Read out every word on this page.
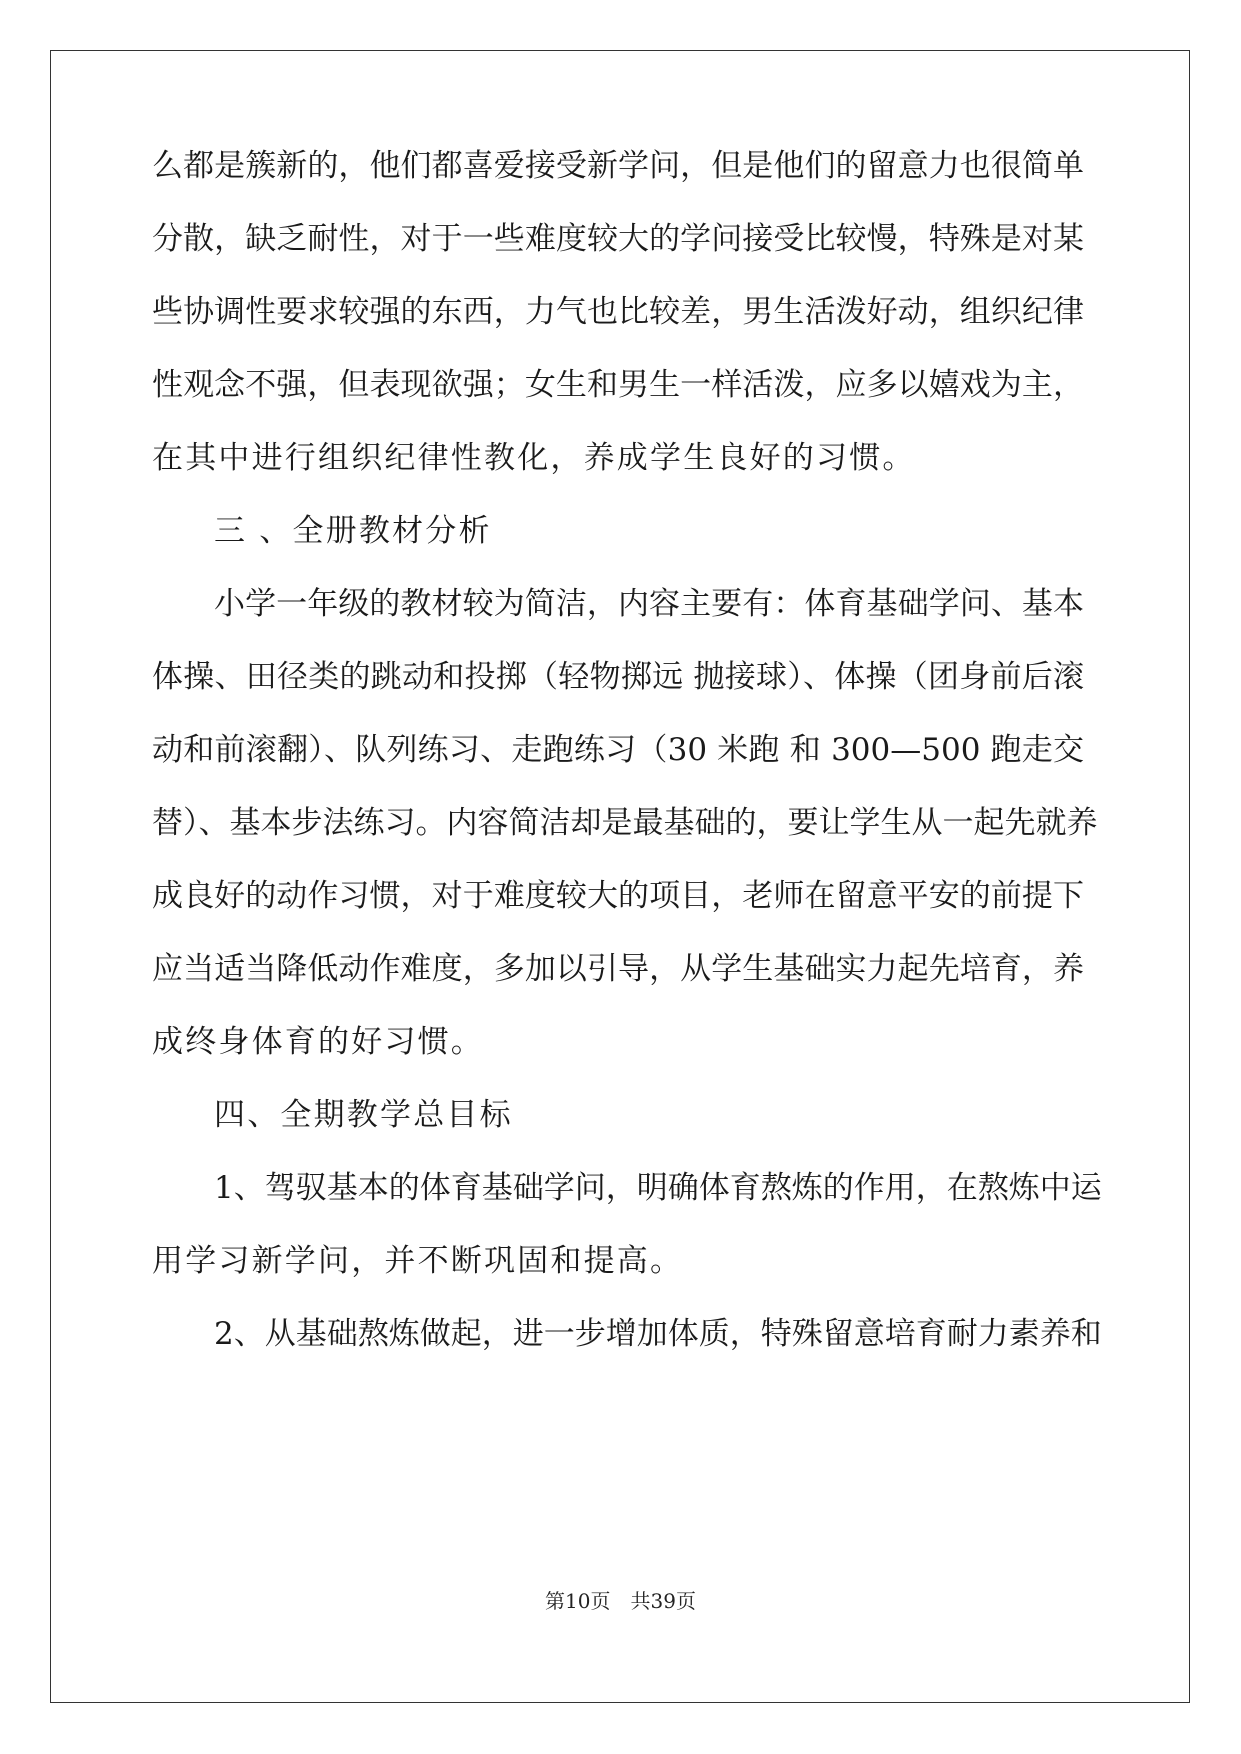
么都是簇新的，他们都喜爱接受新学问，但是他们的留意力也很简单
分散，缺乏耐性，对于一些难度较大的学问接受比较慢，特殊是对某
些协调性要求较强的东西，力气也比较差，男生活泼好动，组织纪律
性观念不强，但表现欲强；女生和男生一样活泼，应多以嬉戏为主，
在其中进行组织纪律性教化，养成学生良好的习惯。
三 、全册教材分析
小学一年级的教材较为简洁，内容主要有：体育基础学问、基本
体操、田径类的跳动和投掷（轻物掷远 抛接球）、体操（团身前后滚
动和前滚翻）、队列练习、走跑练习（30 米跑 和 300—500 跑走交
替）、基本步法练习。内容简洁却是最基础的，要让学生从一起先就养
成良好的动作习惯，对于难度较大的项目，老师在留意平安的前提下
应当适当降低动作难度，多加以引导，从学生基础实力起先培育，养
成终身体育的好习惯。
四、全期教学总目标
1、驾驭基本的体育基础学问，明确体育熬炼的作用，在熬炼中运
用学习新学问，并不断巩固和提高。
2、从基础熬炼做起，进一步增加体质，特殊留意培育耐力素养和
第10页　共39页
